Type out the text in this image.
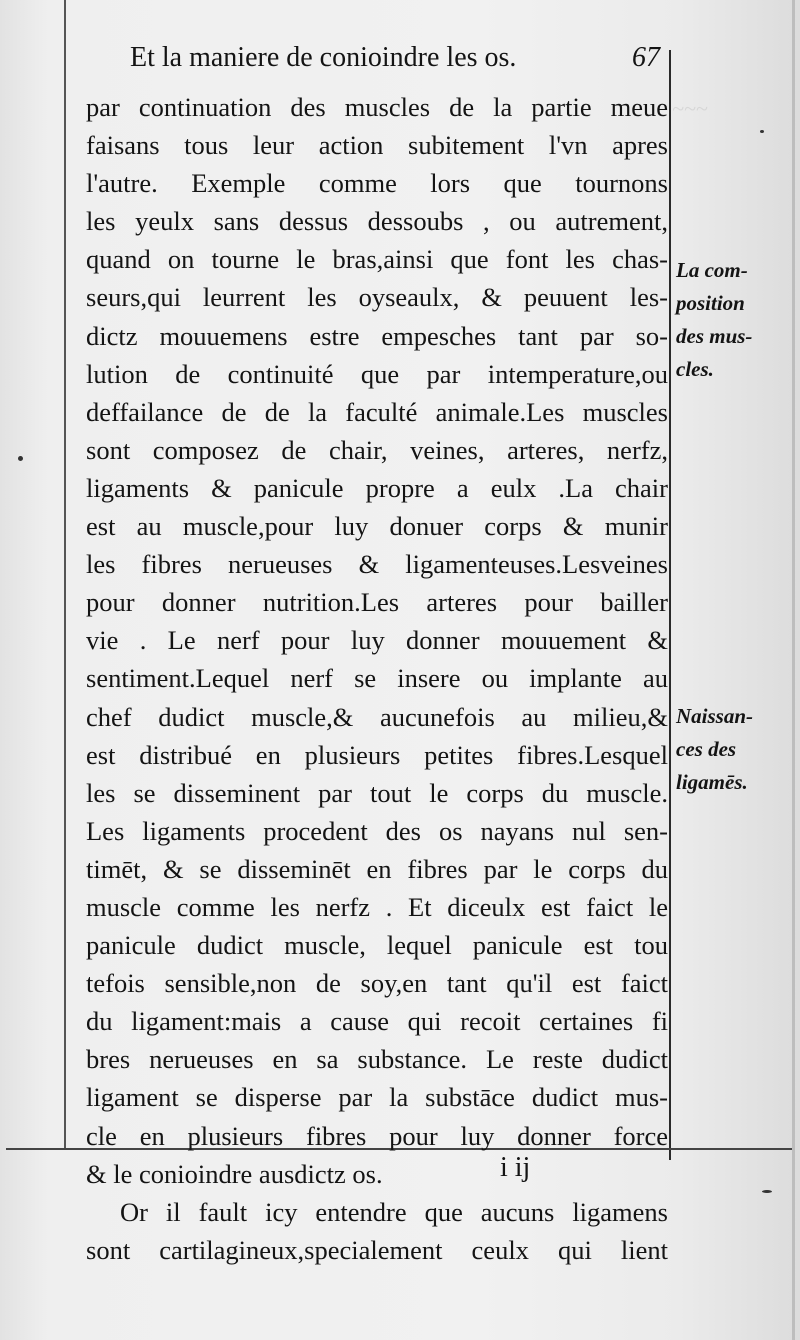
~~~
Et la maniere de conioindre les os.	67
par continuation des muscles de la partie meue
faisans tous leur action subitement l'vn apres
l'autre. Exemple comme lors que tournons
les yeulx sans dessus dessoubs , ou autrement,
quand on tourne le bras,ainsi que font les chas-
seurs,qui leurrent les oyseaulx, & peuuent les-
dictz mouuemens estre empesches tant par so-
lution de continuité que par intemperature,ou
deffailance de de la faculté animale.Les muscles
sont composez de chair, veines, arteres, nerfz,
ligaments & panicule propre a eulx .La chair
est au muscle,pour luy donuer corps & munir
les fibres nerueuses & ligamenteuses.Lesveines
pour donner nutrition.Les arteres pour bailler
vie . Le nerf pour luy donner mouuement &
sentiment.Lequel nerf se insere ou implante au
chef dudict muscle,& aucunefois au milieu,&
est distribué en plusieurs petites fibres.Lesquel
les se disseminent par tout le corps du muscle.
Les ligaments procedent des os nayans nul sen-
timēt, & se disseminēt en fibres par le corps du
muscle comme les nerfz . Et diceulx est faict le
panicule dudict muscle, lequel panicule est tou
tefois sensible,non de soy,en tant qu'il est faict
du ligament:mais a cause qui recoit certaines fi
bres nerueuses en sa substance. Le reste dudict
ligament se disperse par la substāce dudict mus-
cle en plusieurs fibres pour luy donner force
& le conioindre ausdictz os.
Or il fault icy entendre que aucuns ligamens
sont cartilagineux,specialement ceulx qui lient
La com-
position
des mus-
cles.
Naissan-
ces des
ligamēs.
i ij
